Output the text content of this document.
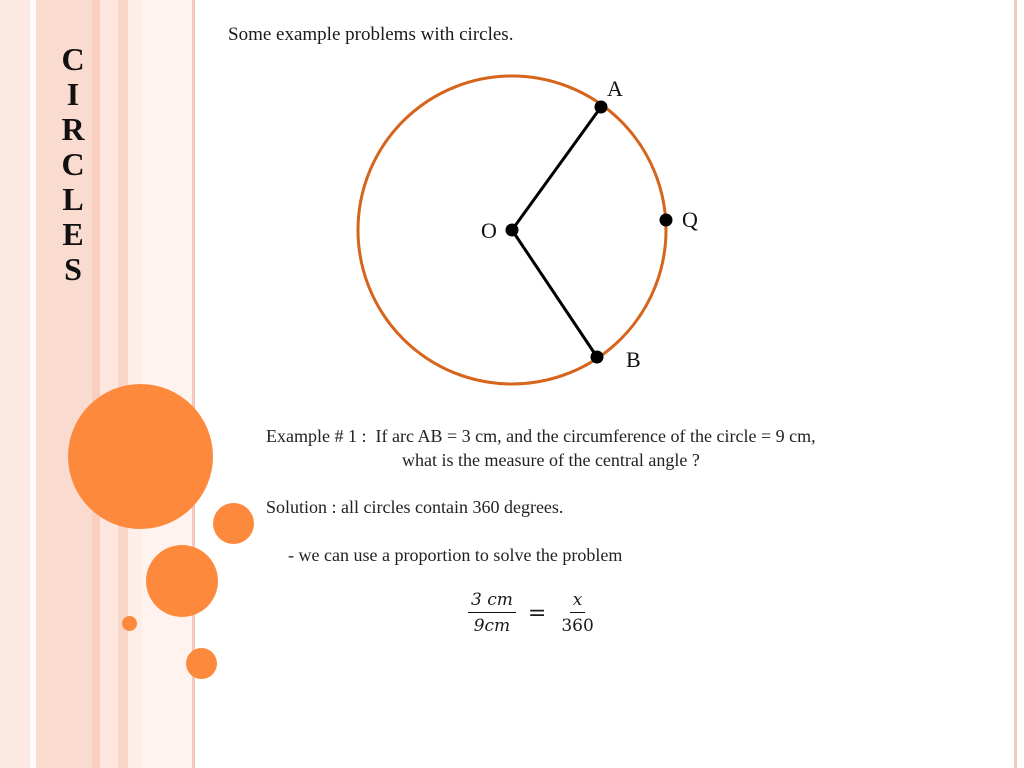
C
I
R
C
L
E
S
Some example problems with circles.
A
Q
O
B
Example # 1 :  If arc AB = 3 cm, and the circumference of the circle = 9 cm,
what is the measure of the central angle ?
Solution : all circles contain 360 degrees.
- we can use a proportion to solve the problem
$\frac{3 cm}{9cm} = \frac{x}{360}$
